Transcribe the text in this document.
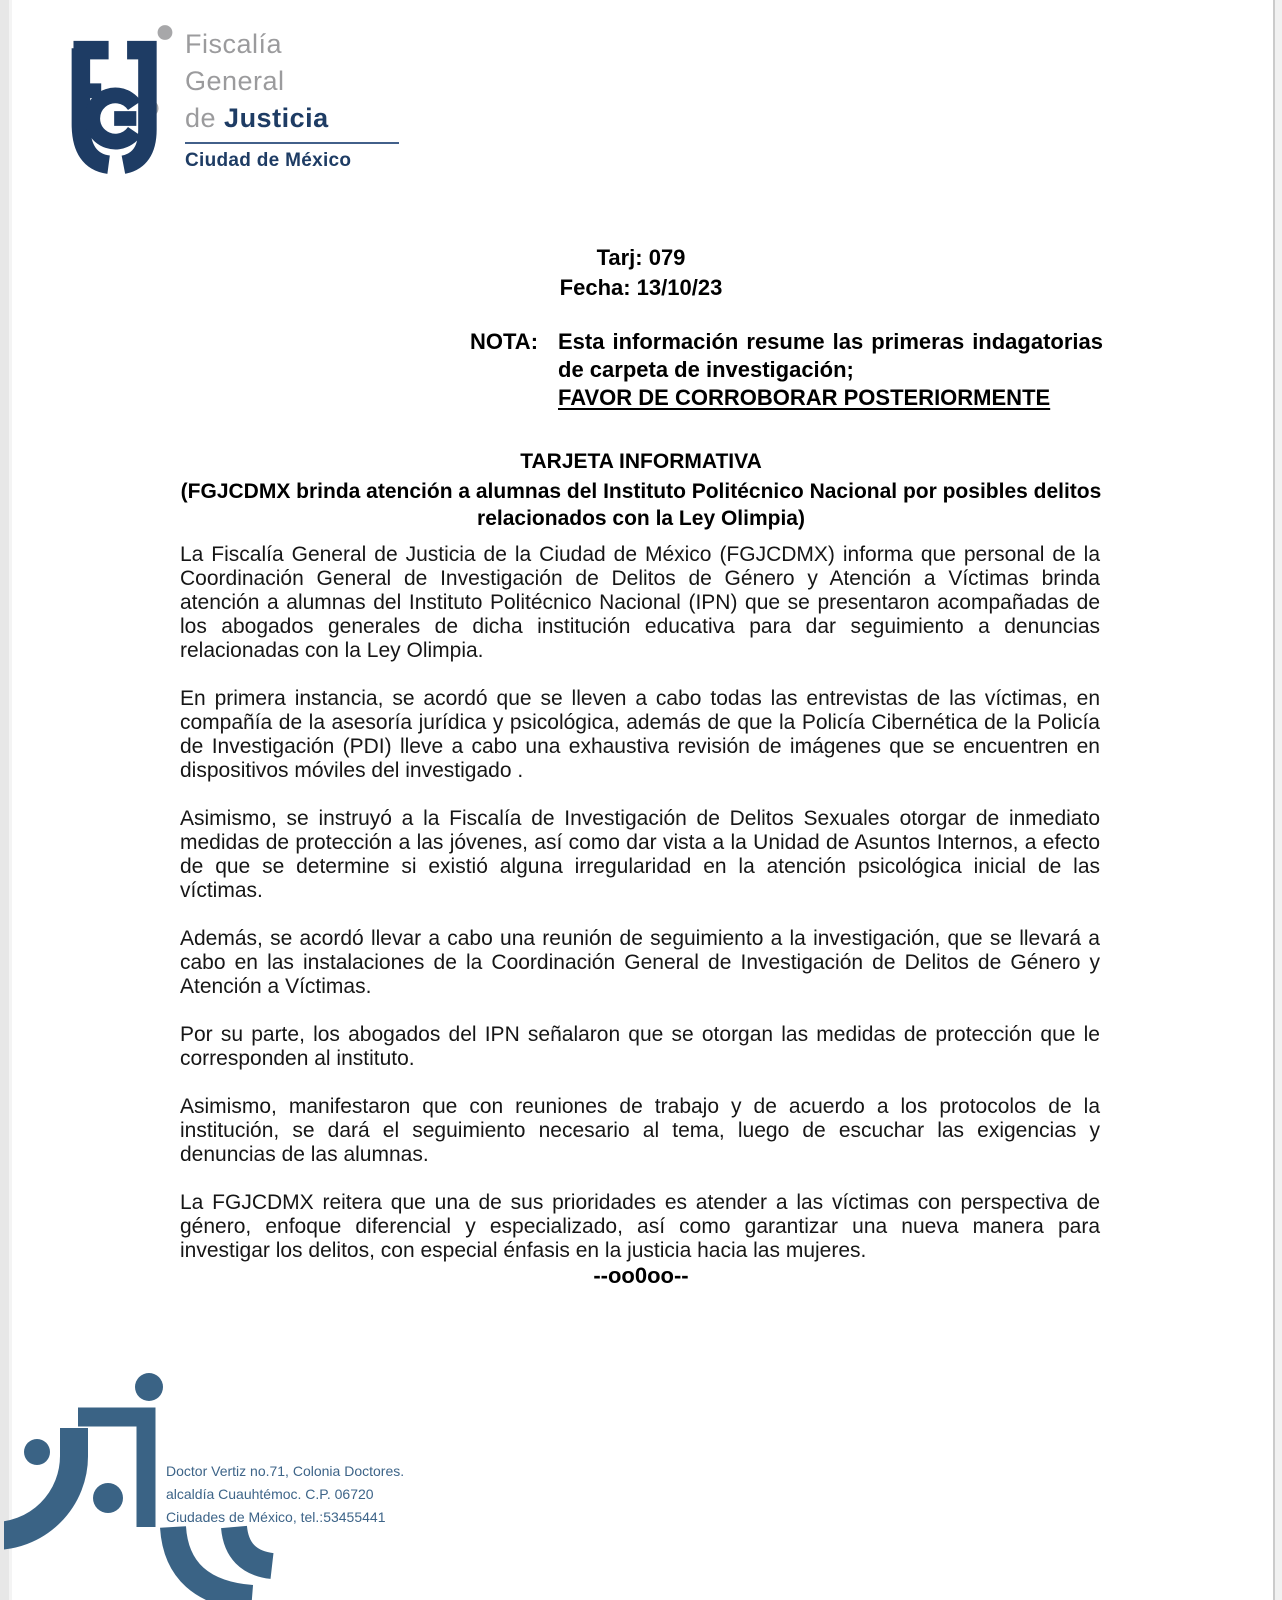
Fiscalía
General
de Justicia
Ciudad de México
Tarj: 079
Fecha: 13/10/23
NOTA: Esta información resume las primeras indagatorias de carpeta de investigación;
FAVOR DE CORROBORAR POSTERIORMENTE
TARJETA INFORMATIVA
(FGJCDMX brinda atención a alumnas del Instituto Politécnico Nacional por posibles delitos relacionados con la Ley Olimpia)

La Fiscalía General de Justicia de la Ciudad de México (FGJCDMX) informa que personal de la Coordinación General de Investigación de Delitos de Género y Atención a Víctimas brinda atención a alumnas del Instituto Politécnico Nacional (IPN) que se presentaron acompañadas de los abogados generales de dicha institución educativa para dar seguimiento a denuncias relacionadas con la Ley Olimpia.

En primera instancia, se acordó que se lleven a cabo todas las entrevistas de las víctimas, en compañía de la asesoría jurídica y psicológica, además de que la Policía Cibernética de la Policía de Investigación (PDI) lleve a cabo una exhaustiva revisión de imágenes que se encuentren en dispositivos móviles del investigado .

Asimismo, se instruyó a la Fiscalía de Investigación de Delitos Sexuales otorgar de inmediato medidas de protección a las jóvenes, así como dar vista a la Unidad de Asuntos Internos, a efecto de que se determine si existió alguna irregularidad en la atención psicológica inicial de las víctimas.

Además, se acordó llevar a cabo una reunión de seguimiento a la investigación, que se llevará a cabo en las instalaciones de la Coordinación General de Investigación de Delitos de Género y Atención a Víctimas.

Por su parte, los abogados del IPN señalaron que se otorgan las medidas de protección que le corresponden al instituto.

Asimismo, manifestaron que con reuniones de trabajo y de acuerdo a los protocolos de la institución, se dará el seguimiento necesario al tema, luego de escuchar las exigencias y denuncias de las alumnas.

La FGJCDMX reitera que una de sus prioridades es atender a las víctimas con perspectiva de género, enfoque diferencial y especializado, así como garantizar una nueva manera para investigar los delitos, con especial énfasis en la justicia hacia las mujeres.

--oo0oo--
Doctor Vertiz no.71, Colonia Doctores.
alcaldía Cuauhtémoc. C.P. 06720
Ciudades de México, tel.:53455441
